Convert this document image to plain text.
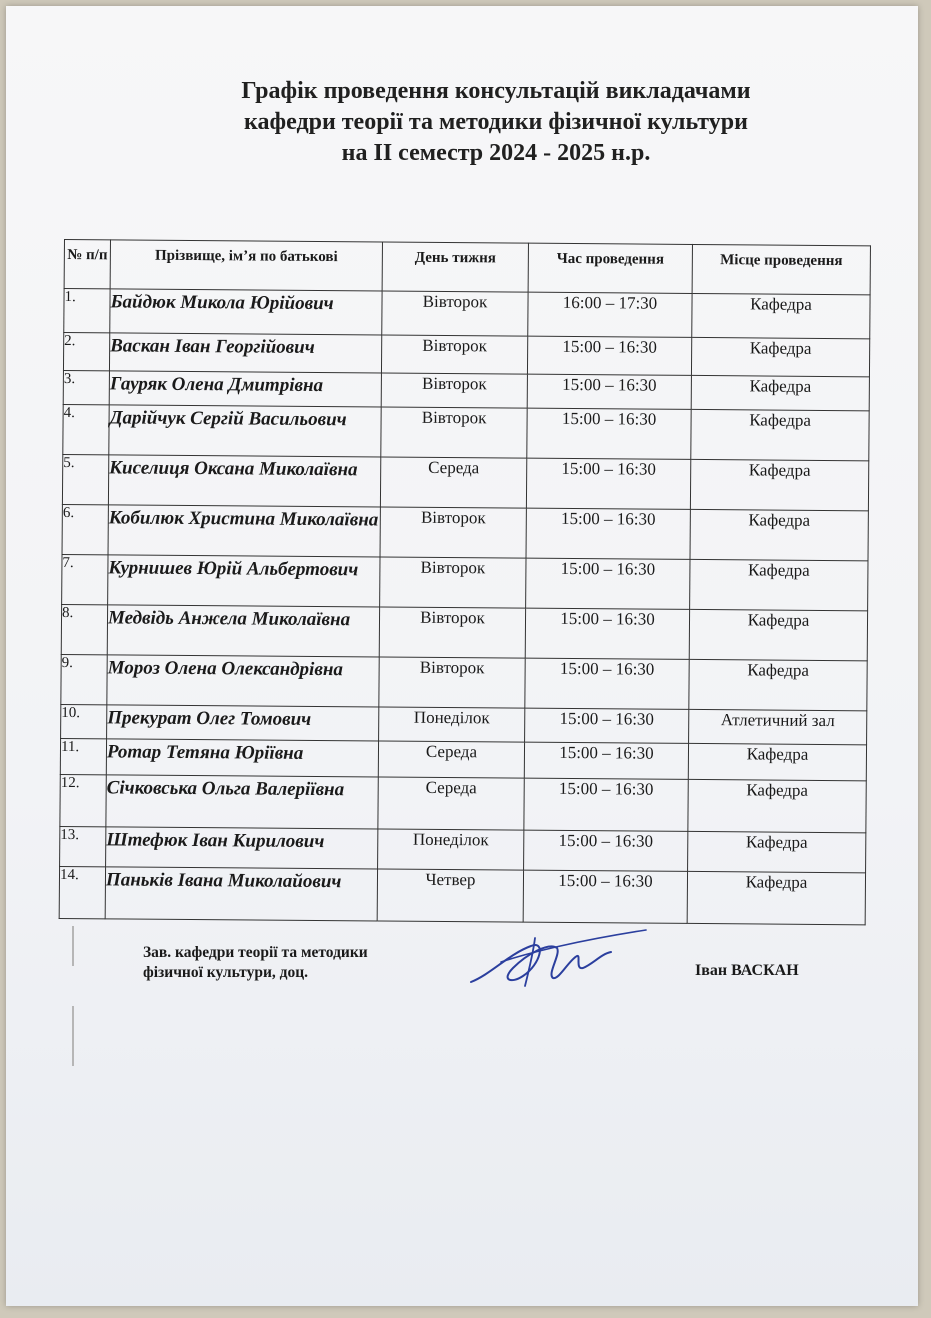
Графік проведення консультацій викладачами
кафедри теорії та методики фізичної культури
на ІІ семестр 2024 - 2025 н.р.
№ п/п	Прізвище, ім’я по батькові	День тижня	Час проведення	Місце проведення
1.	Байдюк Микола Юрійович	Вівторок	16:00 – 17:30	Кафедра
2.	Васкан Іван Георгійович	Вівторок	15:00 – 16:30	Кафедра
3.	Гауряк Олена Дмитрівна	Вівторок	15:00 – 16:30	Кафедра
4.	Дарійчук Сергій Васильович	Вівторок	15:00 – 16:30	Кафедра
5.	Киселиця Оксана Миколаївна	Середа	15:00 – 16:30	Кафедра
6.	Кобилюк Христина Миколаївна	Вівторок	15:00 – 16:30	Кафедра
7.	Курнишев Юрій Альбертович	Вівторок	15:00 – 16:30	Кафедра
8.	Медвідь Анжела Миколаївна	Вівторок	15:00 – 16:30	Кафедра
9.	Мороз Олена Олександрівна	Вівторок	15:00 – 16:30	Кафедра
10.	Прекурат Олег Томович	Понеділок	15:00 – 16:30	Атлетичний зал
11.	Ротар Тетяна Юріївна	Середа	15:00 – 16:30	Кафедра
12.	Січковська Ольга Валеріївна	Середа	15:00 – 16:30	Кафедра
13.	Штефюк Іван Кирилович	Понеділок	15:00 – 16:30	Кафедра
14.	Паньків Івана Миколайович	Четвер	15:00 – 16:30	Кафедра
Зав. кафедри теорії та методики
фізичної культури, доц.	Іван ВАСКАН
